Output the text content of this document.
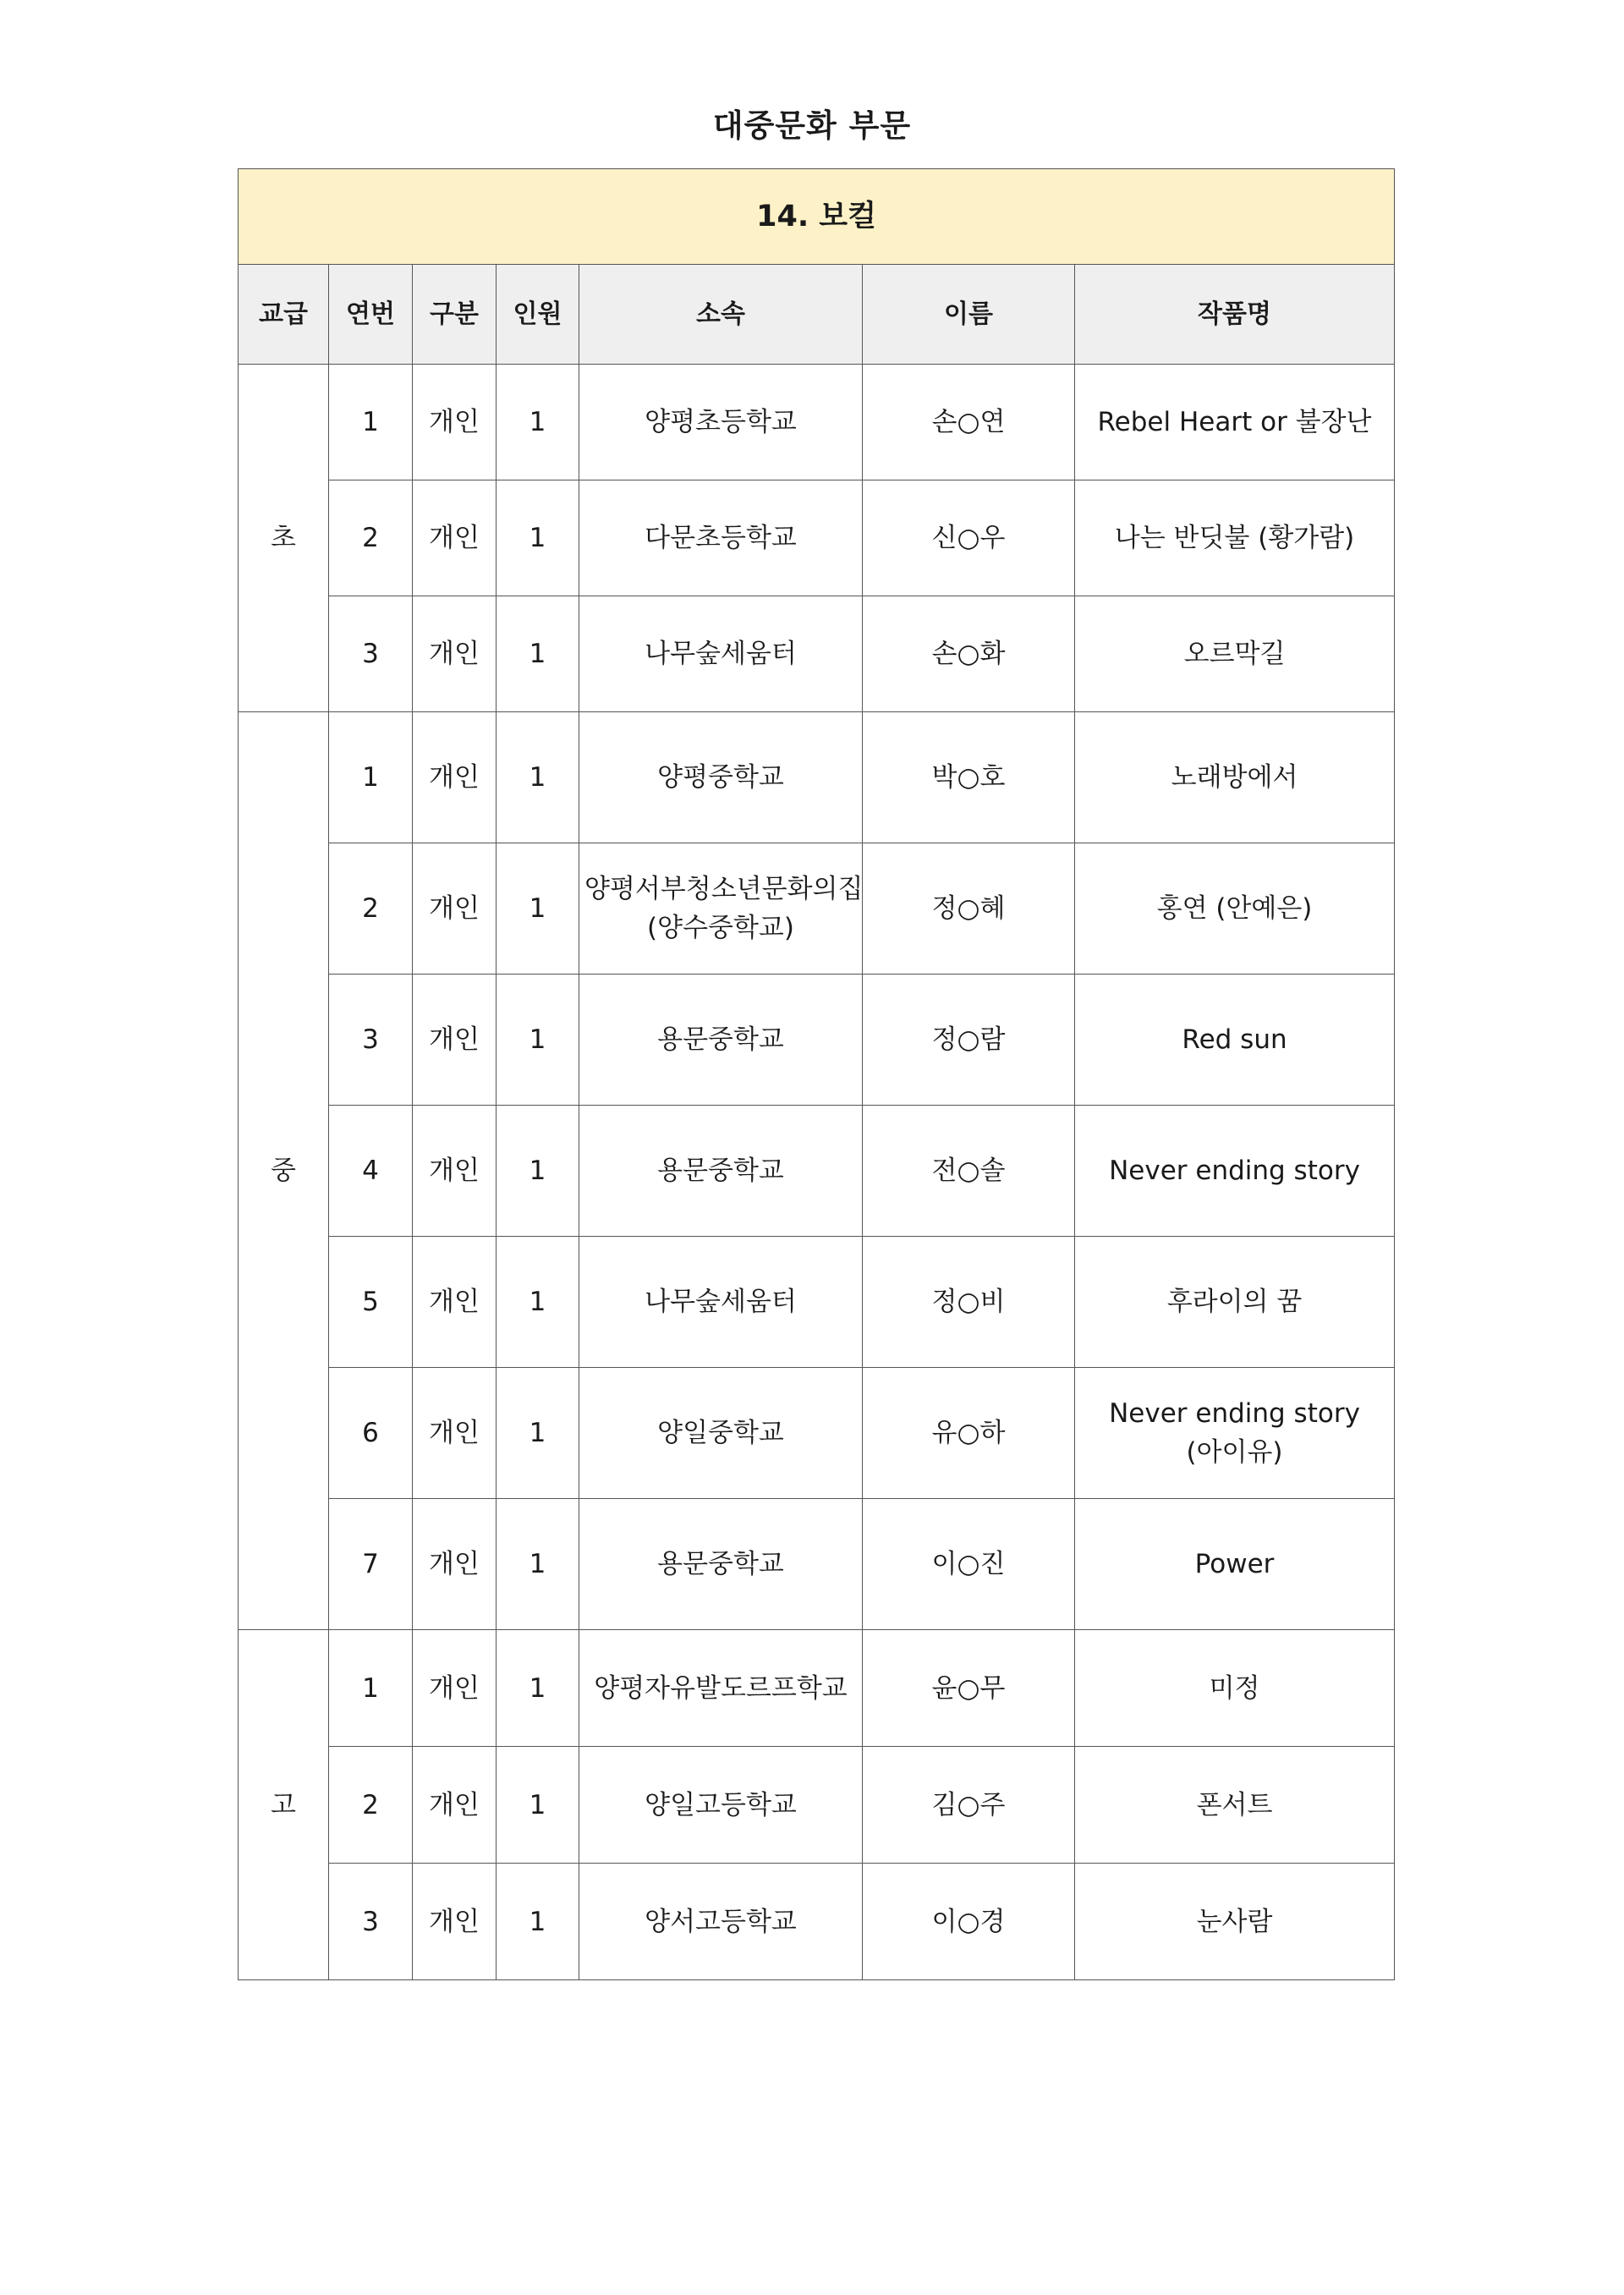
대중문화 부문
14. 보컬						
교급	연번	구분	인원	소속	이름	작품명
초	1	개인	1	양평초등학교	손○연	Rebel Heart or 불장난
	2	개인	1	다문초등학교	신○우	나는 반딧불 (황가람)
	3	개인	1	나무숲세움터	손○화	오르막길
중	1	개인	1	양평중학교	박○호	노래방에서
	2	개인	1	양평서부청소년문화의집 (양수중학교)	정○혜	홍연 (안예은)
	3	개인	1	용문중학교	정○람	Red sun
	4	개인	1	용문중학교	전○솔	Never ending story
	5	개인	1	나무숲세움터	정○비	후라이의 꿈
	6	개인	1	양일중학교	유○하	Never ending story (아이유)
	7	개인	1	용문중학교	이○진	Power
고	1	개인	1	양평자유발도르프학교	윤○무	미정
	2	개인	1	양일고등학교	김○주	폰서트
	3	개인	1	양서고등학교	이○경	눈사람
